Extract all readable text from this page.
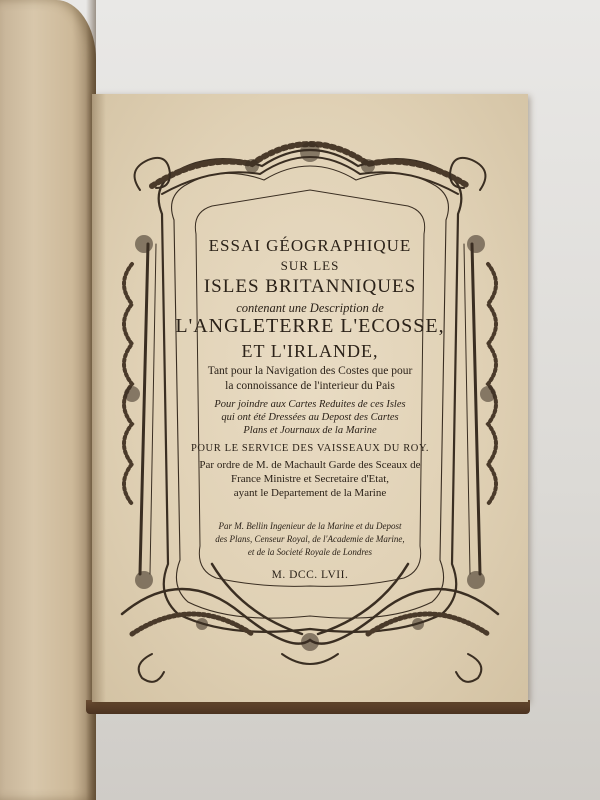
ESSAI GÉOGRAPHIQUE

SUR LES

ISLES BRITANNIQUES

contenant une Description de

L'ANGLETERRE L'ECOSSE,

ET L'IRLANDE,

Tant pour la Navigation des Costes que pour

la connoissance de l'interieur du Pais

Pour joindre aux Cartes Reduites de ces Isles

qui ont été Dressées au Depost des Cartes

Plans et Journaux de la Marine

POUR LE SERVICE DES VAISSEAUX DU ROY.

Par ordre de M. de Machault Garde des Sceaux de

France Ministre et Secretaire d'Etat,

ayant le Departement de la Marine

Par M. Bellin Ingenieur de la Marine et du Depost

des Plans, Censeur Royal, de l'Academie de Marine,

et de la Societé Royale de Londres

M. DCC. LVII.
